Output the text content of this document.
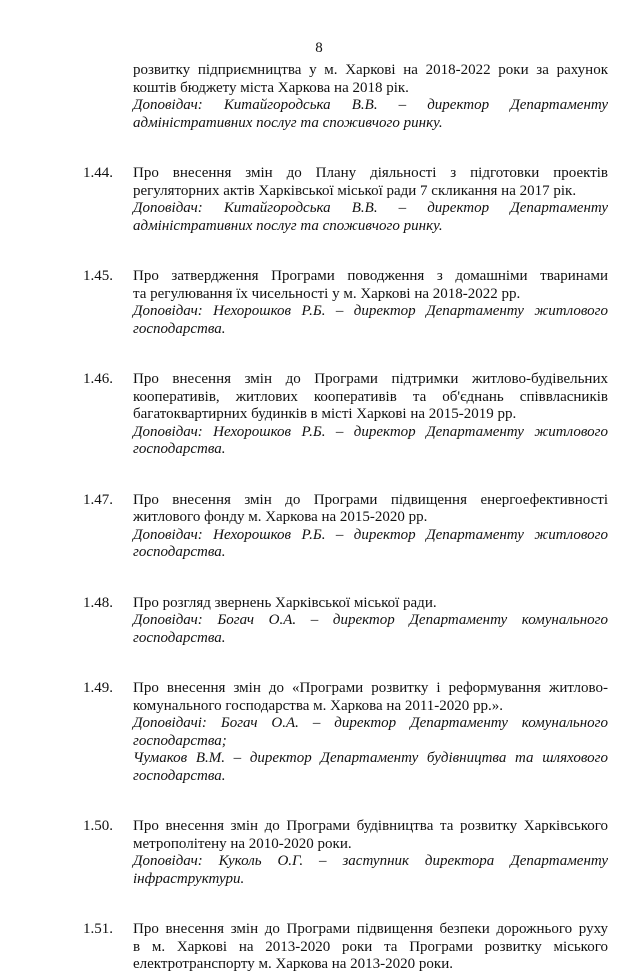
8
розвитку підприємництва у м. Харкові на 2018-2022 роки за рахунок
коштів бюджету міста Харкова на 2018 рік.
Доповідач: Китайгородська В.В. – директор Департаменту
адміністративних послуг та споживчого ринку.
1.44.	Про внесення змін до Плану діяльності з підготовки проектів
регуляторних актів Харківської міської ради 7 скликання на 2017 рік.
Доповідач: Китайгородська В.В. – директор Департаменту
адміністративних послуг та споживчого ринку.
1.45.	Про затвердження Програми поводження з домашніми тваринами
та регулювання їх чисельності у м. Харкові на 2018-2022 рр.
Доповідач: Нехорошков Р.Б. – директор Департаменту житлового
господарства.
1.46.	Про внесення змін до Програми підтримки житлово-будівельних
кооперативів, житлових кооперативів та об'єднань співвласників
багатоквартирних будинків в місті Харкові на 2015-2019 рр.
Доповідач: Нехорошков Р.Б. – директор Департаменту житлового
господарства.
1.47.	Про внесення змін до Програми підвищення енергоефективності
житлового фонду м. Харкова на 2015-2020 рр.
Доповідач: Нехорошков Р.Б. – директор Департаменту житлового
господарства.
1.48.	Про розгляд звернень Харківської міської ради.
Доповідач: Богач О.А. – директор Департаменту комунального
господарства.
1.49.	Про внесення змін до «Програми розвитку і реформування житлово-
комунального господарства м. Харкова на 2011-2020 рр.».
Доповідачі: Богач О.А. – директор Департаменту комунального
господарства;
Чумаков В.М. – директор Департаменту будівництва та шляхового
господарства.
1.50.	Про внесення змін до Програми будівництва та розвитку Харківського
метрополітену на 2010-2020 роки.
Доповідач: Куколь О.Г. – заступник директора Департаменту
інфраструктури.
1.51.	Про внесення змін до Програми підвищення безпеки дорожнього руху
в м. Харкові на 2013-2020 роки та Програми розвитку міського
електротранспорту м. Харкова на 2013-2020 роки.
